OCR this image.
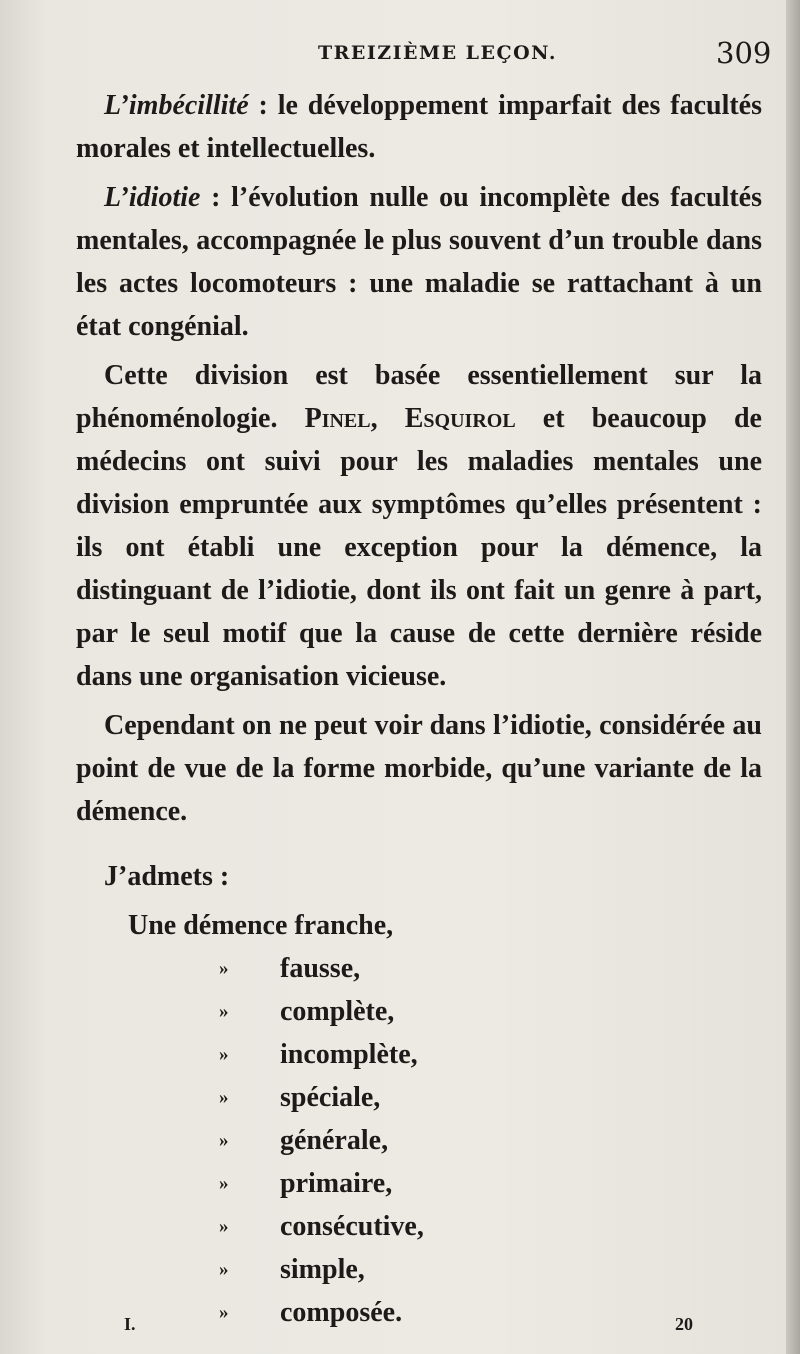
TREIZIÈME LEÇON.	309

L’imbécillité : le développement imparfait des facultés morales et intellectuelles.

L’idiotie : l’évolution nulle ou incomplète des facultés mentales, accompagnée le plus souvent d’un trouble dans les actes locomoteurs : une maladie se rattachant à un état congénial.

Cette division est basée essentiellement sur la phénoménologie. Pinel, Esquirol et beaucoup de médecins ont suivi pour les maladies mentales une division empruntée aux symptômes qu’elles présentent : ils ont établi une exception pour la démence, la distinguant de l’idiotie, dont ils ont fait un genre à part, par le seul motif que la cause de cette dernière réside dans une organisation vicieuse.

Cependant on ne peut voir dans l’idiotie, considérée au point de vue de la forme morbide, qu’une variante de la démence.

J’admets :

Une démence franche,

» fausse,
» complète,
» incomplète,
» spéciale,
» générale,
» primaire,
» consécutive,
» simple,
» composée.
I.	20
